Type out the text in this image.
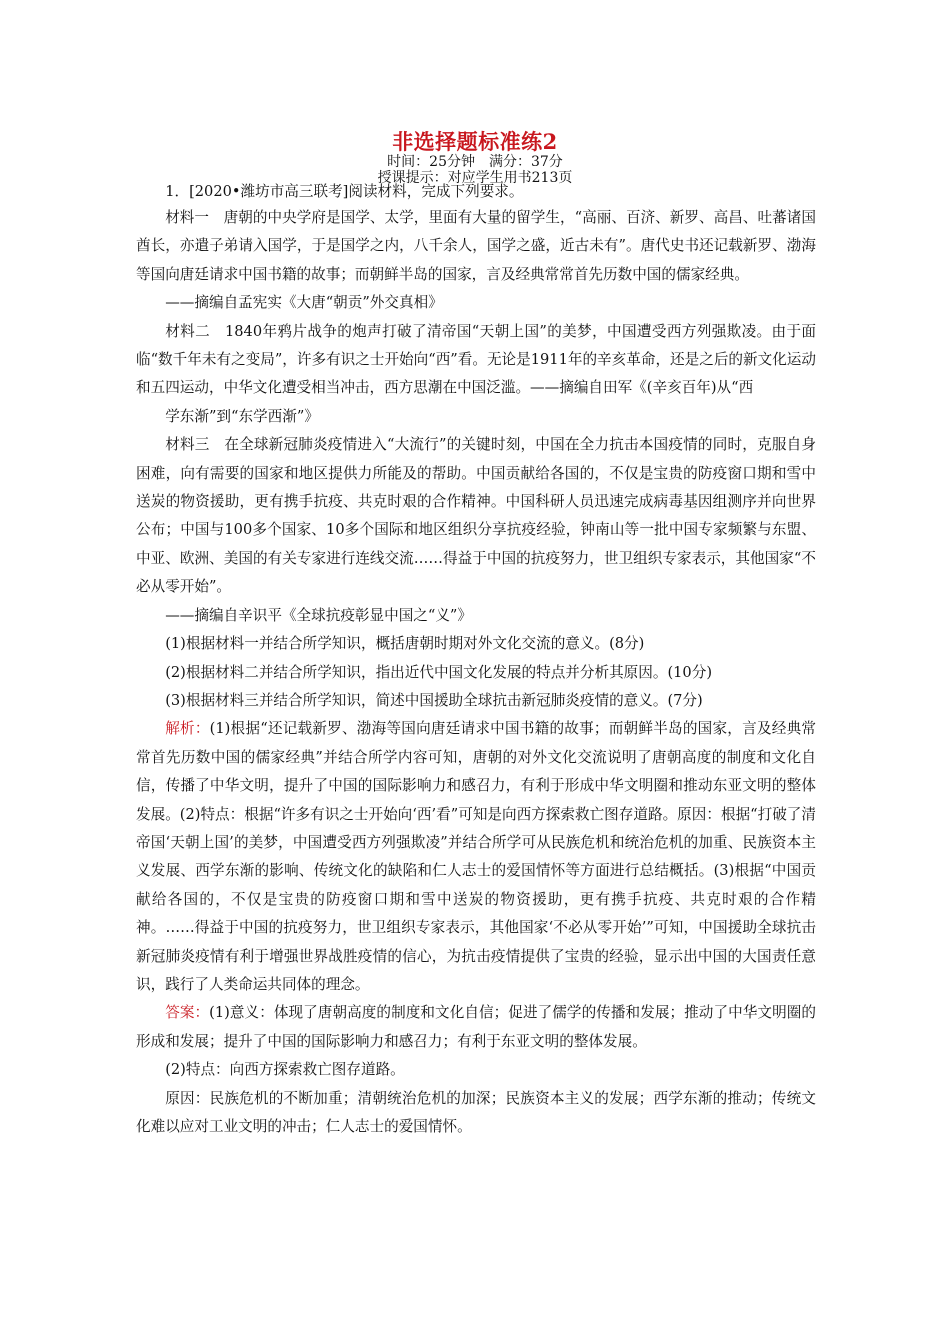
非选择题标准练2
时间：25分钟　满分：37分
授课提示：对应学生用书213页

1．[2020•潍坊市高三联考]阅读材料，完成下列要求。

材料一　唐朝的中央学府是国学、太学，里面有大量的留学生，“高丽、百济、新罗、高昌、吐蕃诸国酋长，亦遣子弟请入国学，于是国学之内，八千余人，国学之盛，近古未有”。唐代史书还记载新罗、渤海等国向唐廷请求中国书籍的故事；而朝鲜半岛的国家，言及经典常常首先历数中国的儒家经典。

——摘编自孟宪实《大唐“朝贡”外交真相》

材料二　1840年鸦片战争的炮声打破了清帝国“天朝上国”的美梦，中国遭受西方列强欺凌。由于面临“数千年未有之变局”，许多有识之士开始向“西”看。无论是1911年的辛亥革命，还是之后的新文化运动和五四运动，中华文化遭受相当冲击，西方思潮在中国泛滥。——摘编自田军《(辛亥百年)从“西

学东渐”到“东学西渐”》

材料三　在全球新冠肺炎疫情进入“大流行”的关键时刻，中国在全力抗击本国疫情的同时，克服自身困难，向有需要的国家和地区提供力所能及的帮助。中国贡献给各国的，不仅是宝贵的防疫窗口期和雪中送炭的物资援助，更有携手抗疫、共克时艰的合作精神。中国科研人员迅速完成病毒基因组测序并向世界公布；中国与100多个国家、10多个国际和地区组织分享抗疫经验，钟南山等一批中国专家频繁与东盟、中亚、欧洲、美国的有关专家进行连线交流……得益于中国的抗疫努力，世卫组织专家表示，其他国家“不必从零开始”。

——摘编自辛识平《全球抗疫彰显中国之“义”》

(1)根据材料一并结合所学知识，概括唐朝时期对外文化交流的意义。(8分)

(2)根据材料二并结合所学知识，指出近代中国文化发展的特点并分析其原因。(10分)

(3)根据材料三并结合所学知识，简述中国援助全球抗击新冠肺炎疫情的意义。(7分)

解析：(1)根据“还记载新罗、渤海等国向唐廷请求中国书籍的故事；而朝鲜半岛的国家，言及经典常常首先历数中国的儒家经典”并结合所学内容可知，唐朝的对外文化交流说明了唐朝高度的制度和文化自信，传播了中华文明，提升了中国的国际影响力和感召力，有利于形成中华文明圈和推动东亚文明的整体发展。(2)特点：根据“许多有识之士开始向‘西’看”可知是向西方探索救亡图存道路。原因：根据“打破了清帝国‘天朝上国’的美梦，中国遭受西方列强欺凌”并结合所学可从民族危机和统治危机的加重、民族资本主义发展、西学东渐的影响、传统文化的缺陷和仁人志士的爱国情怀等方面进行总结概括。(3)根据“中国贡献给各国的，不仅是宝贵的防疫窗口期和雪中送炭的物资援助，更有携手抗疫、共克时艰的合作精神。……得益于中国的抗疫努力，世卫组织专家表示，其他国家‘不必从零开始’”可知，中国援助全球抗击新冠肺炎疫情有利于增强世界战胜疫情的信心，为抗击疫情提供了宝贵的经验，显示出中国的大国责任意识，践行了人类命运共同体的理念。

答案：(1)意义：体现了唐朝高度的制度和文化自信；促进了儒学的传播和发展；推动了中华文明圈的形成和发展；提升了中国的国际影响力和感召力；有利于东亚文明的整体发展。

(2)特点：向西方探索救亡图存道路。

原因：民族危机的不断加重；清朝统治危机的加深；民族资本主义的发展；西学东渐的推动；传统文化难以应对工业文明的冲击；仁人志士的爱国情怀。
